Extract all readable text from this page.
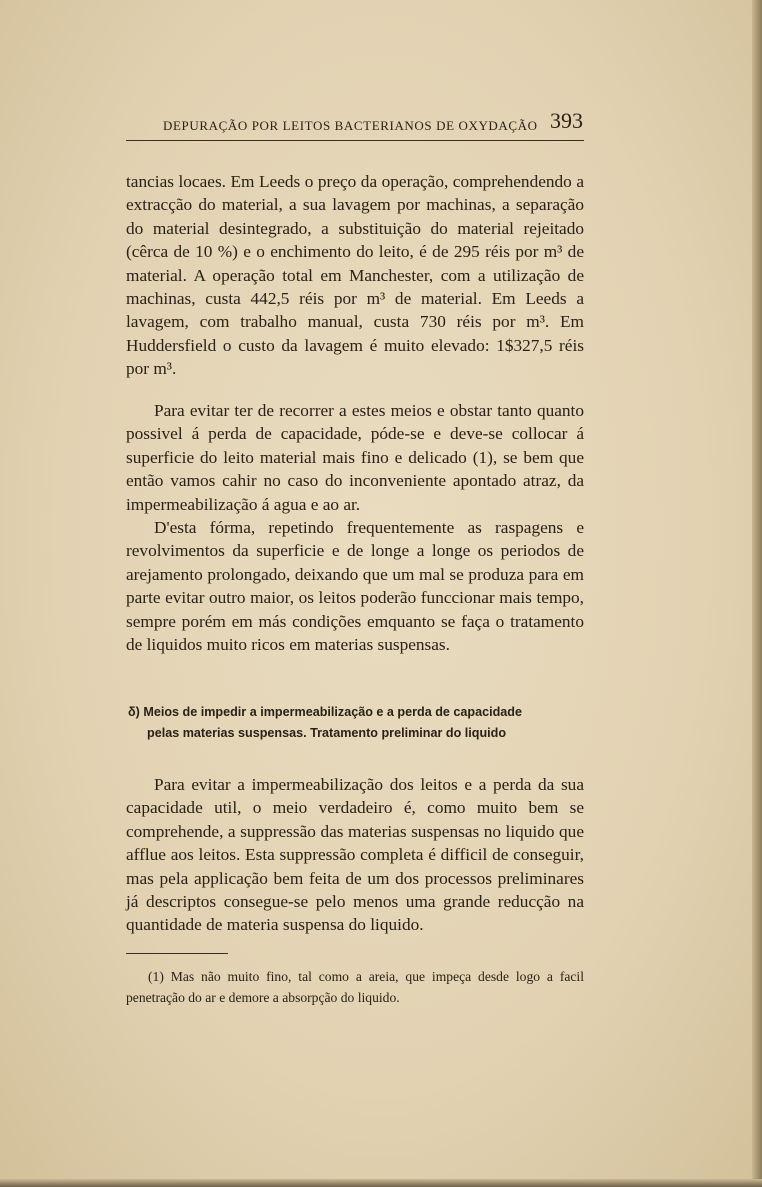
DEPURAÇÃO POR LEITOS BACTERIANOS DE OXYDAÇÃO 393

tancias locaes. Em Leeds o preço da operação, comprehendendo a extracção do material, a sua lavagem por machinas, a separação do material desintegrado, a substituição do material rejeitado (cêrca de 10 %) e o enchimento do leito, é de 295 réis por m³ de material. A operação total em Manchester, com a utilização de machinas, custa 442,5 réis por m³ de material. Em Leeds a lavagem, com trabalho manual, custa 730 réis por m³. Em Huddersfield o custo da lavagem é muito elevado: 1$327,5 réis por m³.

Para evitar ter de recorrer a estes meios e obstar tanto quanto possivel á perda de capacidade, póde-se e deve-se collocar á superficie do leito material mais fino e delicado (1), se bem que então vamos cahir no caso do inconveniente apontado atraz, da impermeabilização á agua e ao ar.

D'esta fórma, repetindo frequentemente as raspagens e revolvimentos da superficie e de longe a longe os periodos de arejamento prolongado, deixando que um mal se produza para em parte evitar outro maior, os leitos poderão funccionar mais tempo, sempre porém em más condições emquanto se faça o tratamento de liquidos muito ricos em materias suspensas.

δ) Meios de impedir a impermeabilização e a perda de capacidade
pelas materias suspensas. Tratamento preliminar do liquido

Para evitar a impermeabilização dos leitos e a perda da sua capacidade util, o meio verdadeiro é, como muito bem se comprehende, a suppressão das materias suspensas no liquido que afflue aos leitos. Esta suppressão completa é difficil de conseguir, mas pela applicação bem feita de um dos processos preliminares já descriptos consegue-se pelo menos uma grande reducção na quantidade de materia suspensa do liquido.

(1) Mas não muito fino, tal como a areia, que impeça desde logo a facil penetração do ar e demore a absorpção do liquido.
